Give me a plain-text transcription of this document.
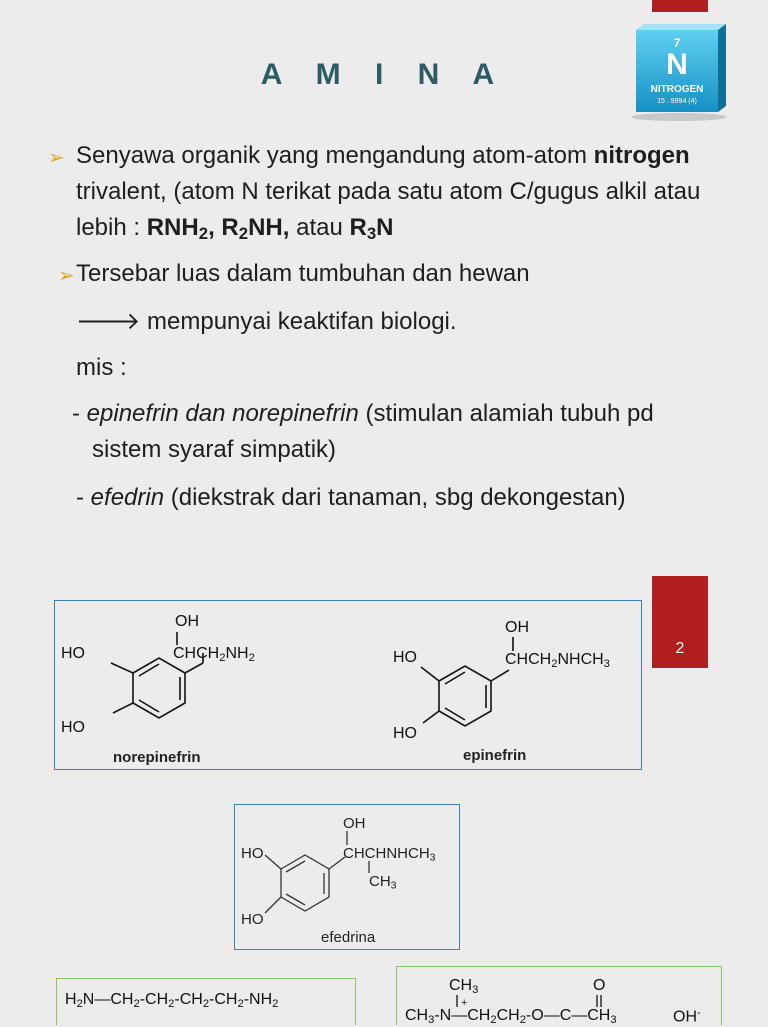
A M I N A
7
N
NITROGEN
15 . 9994 (4)
➢ Senyawa organik yang mengandung atom-atom nitrogen
trivalent, (atom N terikat pada satu atom C/gugus alkil atau
lebih : $RNH_2$, $R_2NH$, atau $R_3N$
➢ Tersebar luas dalam tumbuhan dan hewan
🡒 mempunyai keaktifan biologi.
mis :
- epinefrin dan norepinefrin (stimulan alamiah tubuh pd
sistem syaraf simpatik)
- efedrin (diekstrak dari tanaman, sbg dekongestan)
2
OH
$CHCH_2NH_2$
HO
HO
norepinefrin
OH
$CHCH_2NHCH_3$
HO
HO
epinefrin
OH
$CHCHNHCH_3$
$CH_3$
HO
HO
efedrina
$H_2N—CH_2-CH_2-CH_2-CH_2-NH_2$
$CH_3$	O
+
$CH_3-N—CH_2CH_2-O—C—CH_3$	OH-
